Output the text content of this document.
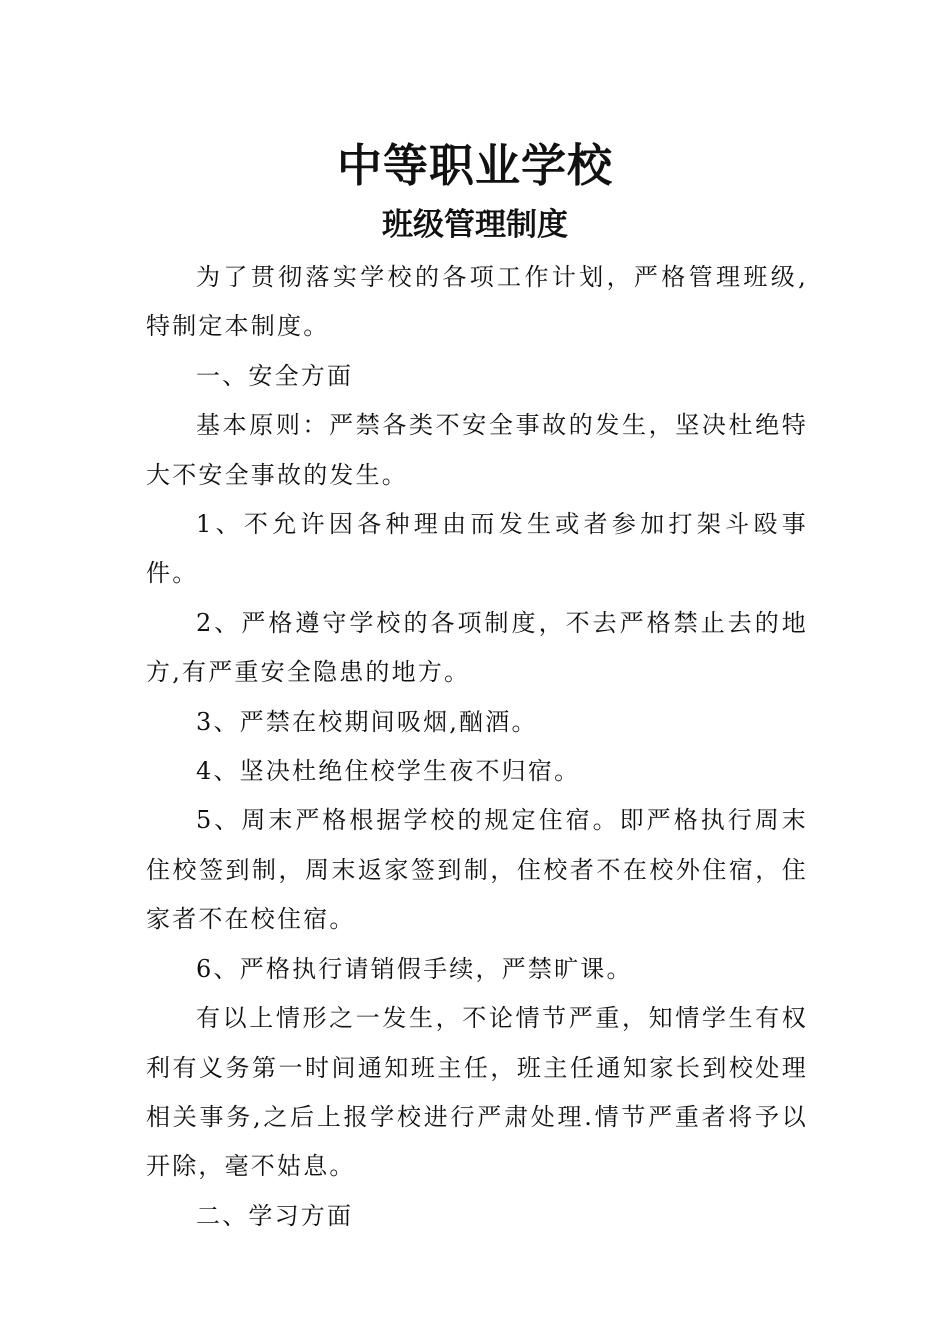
中等职业学校
班级管理制度

为了贯彻落实学校的各项工作计划，严格管理班级,特制定本制度。

一、安全方面

基本原则：严禁各类不安全事故的发生，坚决杜绝特大不安全事故的发生。

1、不允许因各种理由而发生或者参加打架斗殴事件。

2、严格遵守学校的各项制度，不去严格禁止去的地方,有严重安全隐患的地方。

3、严禁在校期间吸烟,酗酒。

4、坚决杜绝住校学生夜不归宿。

5、周末严格根据学校的规定住宿。即严格执行周末住校签到制，周末返家签到制，住校者不在校外住宿，住家者不在校住宿。

6、严格执行请销假手续，严禁旷课。

有以上情形之一发生，不论情节严重，知情学生有权利有义务第一时间通知班主任，班主任通知家长到校处理相关事务,之后上报学校进行严肃处理.情节严重者将予以开除，毫不姑息。

二、学习方面
